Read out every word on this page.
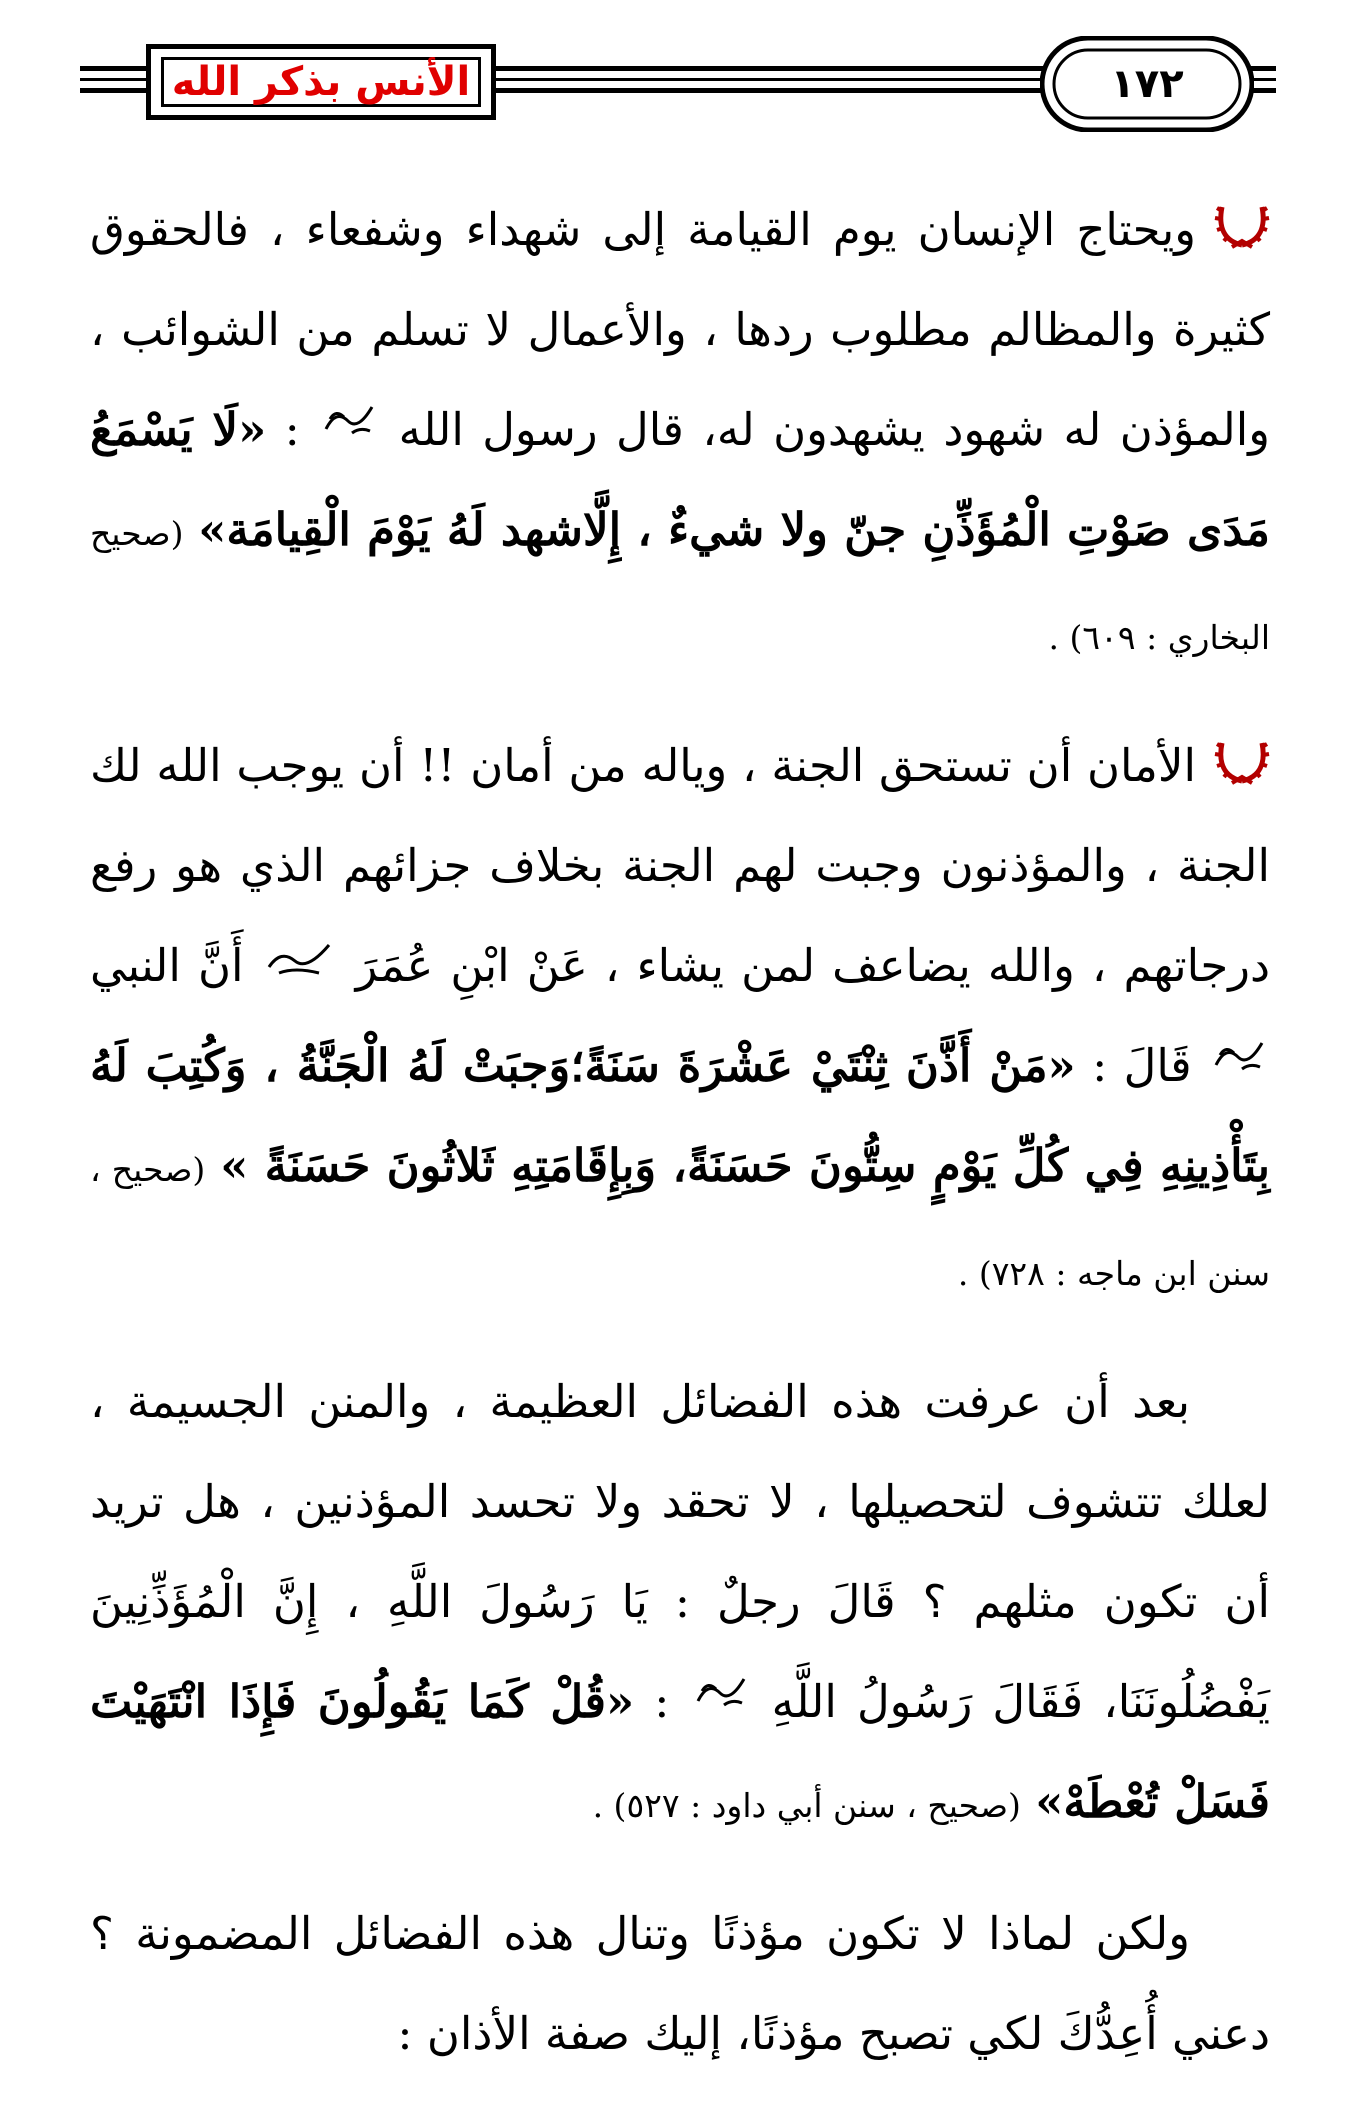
الأنس بذكر الله	١٧٢
ويحتاج الإنسان يوم القيامة إلى شهداء وشفعاء ، فالحقوق كثيرة والمظالم مطلوب ردها ، والأعمال لا تسلم من الشوائب ، والمؤذن له شهود يشهدون له، قال رسول الله  : «لَا يَسْمَعُ مَدَى صَوْتِ الْمُؤَذِّنِ جنّ ولا شيءٌ ، إِلَّاشهد لَهُ يَوْمَ الْقِيامَة» (صحيح البخاري : ٦٠٩) .
الأمان أن تستحق الجنة ، وياله من أمان !! أن يوجب الله لك الجنة ، والمؤذنون وجبت لهم الجنة بخلاف جزائهم الذي هو رفع درجاتهم ، والله يضاعف لمن يشاء ، عَنْ ابْنِ عُمَرَ  أَنَّ النبي  قَالَ : «مَنْ أَذَّنَ ثِنْتَيْ عَشْرَةَ سَنَةً؛وَجبَتْ لَهُ الْجَنَّةُ ، وَكُتِبَ لَهُ بِتَأْذِينِهِ فِي كُلِّ يَوْمٍ سِتُّونَ حَسَنَةً، وَبِإِقَامَتِهِ ثَلاثُونَ حَسَنَةً » (صحيح ، سنن ابن ماجه : ٧٢٨) .
بعد أن عرفت هذه الفضائل العظيمة ، والمنن الجسيمة ، لعلك تتشوف لتحصيلها ، لا تحقد ولا تحسد المؤذنين ، هل تريد أن تكون مثلهم ؟ قَالَ رجلٌ : يَا رَسُولَ اللَّهِ ، إِنَّ الْمُؤَذِّنِينَ يَفْضُلُونَنَا، فَقَالَ رَسُولُ اللَّهِ  : «قُلْ كَمَا يَقُولُونَ فَإِذَا انْتَهَيْتَ فَسَلْ تُعْطَهْ» (صحيح ، سنن أبي داود : ٥٢٧) .
ولكن لماذا لا تكون مؤذنًا وتنال هذه الفضائل المضمونة ؟ دعني أُعِدُّكَ لكي تصبح مؤذنًا، إليك صفة الأذان :
